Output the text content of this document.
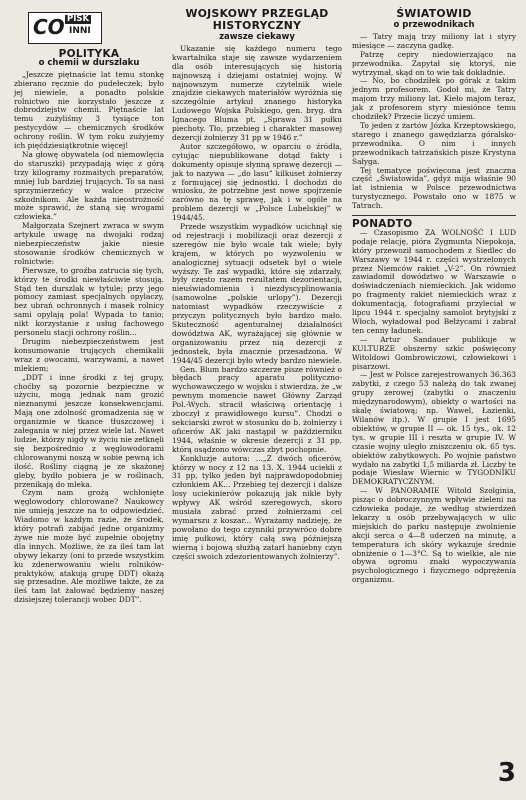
CO PISK
INNI
POLITYKA
o chemii w durszlaku

„Jeszcze piętnaście lat temu stonkę zbierano ręcznie do pudełeczek; było jej niewiele, a ponadto polskie rolnictwo nie korzystało jeszcze z dobrodziejstw chemii. Piętnaście lat temu zużyliśmy 3 tysiące ton pestycydów — chemicznych środków ochrony roślin. W tym roku zużyjemy ich pięćdziesiątkrotnie więcej!

Na głowę obywatela (od niemowlęcia do staruszki) przypadają więc z górą trzy kilogramy rozmaitych preparatów, mniej lub bardziej trujących. To sa nasi sprzymierzeńcy w walce przeciw szkodnikom. Ale każda nieostrożność może sprawić, że staną się wrogami człowieka.”

Małgorzata Szejnert zwraca w swym artykule uwagę na dwojaki rodzaj niebezpieczeństw jakie niesie stosowanie środków chemicznych w rolnictwie:

Pierwsze, to groźba zatrucia się tych, którzy te środki niewłaściwie stosują. Stąd ten durszlak w tytule; przy jego pomocy zamiast specjalnych opylaczy, bez ubrań ochronnych i masek rolnicy sami opylają pola! Wypada to tanio; nikt korzystanie z usług fachowego personelu stacji ochrony roślin...

Drugim niebezpieczeństwem jest konsumowanie trujących chemikalii wraz z owocami, warzywami, a nawet mlekiem;

„DDT i inne środki z tej grupy, choćby są pozornie bezpieczne w użyciu, mogą jednak nam grozić nieznanymi jeszcze konsekwencjami. Mają one zdolność gromadzenia się w organizmie w tkance tłuszczowej i załegania w niej przez wiele lat. Nawet ludzie, którzy nigdy w życiu nie zetknęli się bezpośrednio z węglowodorami chlorowanymi noszą w sobie pewną ich ilość. Rośliny ciągną je ze skażonej gleby, bydło pobiera je w roślinach, przenikają do mleka.

Czym nam grożą wchłonięte węglowodory chlorowane? Naukowcy nie umieją jeszcze na to odpowiedzieć. Wiadomo w każdym razie, że środek, który potrafi zabijać jedne organizmy żywe nie może być zupełnie obojętny dla innych. Możliwe, że za ileś tam lat obywy lekarzy (oni to przede wszystkim ku zdenerwowaniu wielu rolników-praktyków, atakują grupę DDT) okażą się przesadne. Ale możliwe także, że za ileś tam lat żałować będziemy naszej dzisiejszej tolerancji wobec DDT”.

WOJSKOWY PRZEGLĄD HISTORYCZNY
zawsze ciekawy

Ukazanie się każdego numeru tego kwartalnika staje się zawsze wydarzeniem dla osób interesujących się historią najnowszą i dziejami ostatniej wojny. W najnowszym numerze czytelnik wiele znajdzie ciekawych materiałów wyróżnia się szczególnie artykuł znanego historyka Ludowego Wojska Polskiego, gen. bryg. dra Ignacego Bluma pt. „Sprawa 31 pułku piechoty. Tło, przebieg i charakter masowej dezercji żołnierzy 31 pp w 1946 r.”

Autor szczegółowo, w oparciu o źródła, cytując niepublikowane dotąd fakty i dokumenty opisuje słynną sprawę dezercji — jak to nazywa — „do lasu” kilkuset żołnierzy z formującej się jednostki. I dochodzi do wniosku, że potrzebne jest nowe spojrzenie zarówno na tę sprawę, jak i w ogóle na problem dezercji w „Polsce Lubelskiej” w 1944/45.

Przede wszystkim wypadków ucichnął się od rejestracji i mobilizacji oraz dezercji z szeregów nie było wcale tak wiele; były krajem, w których po wyzwoleniu w analogicznej sytuacji odsetek był o wiele wyższy. Te zaś wypadki, które się zdarzały, były często razem rezultatem dezorientacji, nieuświadomienia i niezdyscyplinowania (samowolne „polskie urlopy”). Dezercji natomiast wypadków rzeczywiście z przyczyn politycznych było bardzo mało. Skuteczność agenturalnej działalności dowództwa AK, wyrażającej się głównie w organizowaniu przez nią dezercji z jednostek, była znacznie przesadzona. W 1944/45 dezercji było wtedy bardzo niewiele.

Gen. Blum bardzo szczerze pisze również o błędach pracy aparatu polityczno-wychowawczego w wojsku i stwierdza, że „w pewnym momencie nawet Główny Zarząd Pol.-Wych. stracił właściwą orientację i zboczył z prawidłowego kursu”. Chodzi o sekciarski zwrot w stosunku do b. żołnierzy i oficerów AK jaki nastąpił w październiku 1944, właśnie w okresie dezercji z 31 pp, którą osądzono wówczas zbyt pochopnie.

Konkluzje autora: ...„Z dwóch oficerów, którzy w nocy z 12 na 13. X. 1944 uciekli z 31 pp, tylko jeden był najprawdopodobniej członkiem AK... Przebieg tej dezercji i dalsze losy uciekinierów pokazują jak nikle były wpływy AK wśród szeregowych, skoro musiała zabrać przed żołnierzami cel wymarszu z koszar... Wyrażamy nadzieję, że powołano do tego czynniki przywróco dobre imię pułkowi, który całą swą późniejszą wierną i bojową służbą zatarł haniebny czyn części swoich zdezorientowanych żołnierzy”.

ŚWIATOWID
o przewodnikach

— Tatry mają trzy miliony lat i styry miesiące — zaczyna gadkę.

Patrzę cepry niedowierzająco na przewodnika. Zapytał się ktoryś, nie wytrzymał, skąd on to wie tak dokładnie.

— No, bo chodziłek po górak z takim jednym profesorem. Godoł mi, że Tatry majom trzy miliony lat. Kieło majom teraz, jak z profesorem styry miesiónce temu chodziłek? Przecie liczyć umiem.

To jeden z żartów Józka Krzeptowskiego, starego i znanego gawędziarza góralsko-przewodnika. O nim i innych przewodnikach tatrzańskich pisze Krystyna Sałyga.

Tej tematyce poświęcona jest znaczna część „Światowida”, gdyż mija właśnie 90 lat istnienia w Polsce przewodnictwa turystycznego. Powstało ono w 1875 w Tatrach.

PONADTO

— Czasopismo ZA WOLNOŚĆ I LUD podaje relację, pióra Zygmunta Niepokoja, który przewoził samochodem z Siedlec do Warszawy w 1944 r. części wystrzelonych przez Niemców rakiet „V-2”. On również zawiadomił dowództwo w Warszawie o doświadczeniach niemieckich. Jak widomo po fragmenty rakiet niemieckich wraz z dokumentacją, fotografiami przyleciał w lipcu 1944 r. specjalny samolot brytyjski z Włoch, wyładował pod Bełżycami i zabrał ten cenny ładunek.

— Artur Sandauer publikuje w KULTURZE obszerny szkic poświęcony Witoldowi Gombrowiczowi, człowiekowi i pisarzowi.

— Jest w Polsce zarejestrowanych 36.363 zabytki, z czego 53 należą do tak zwanej grupy zerowej (zabytki o znaczeniu międzynarodowym), obiekty o wartości na skalę światową; np. Wawel, Łazienki, Wilanów itp.). W grupie I jest 1695 obiektów, w grupie II — ok. 15 tys., ok. 12 tys. w grupie III i reszta w grupie IV. W czasie wojny uległo zniszczeniu ok. 65 tys. obiektów zabytkowych. Po wojnie państwo wydało na zabytki 1,5 miliarda zł. Liczby te podaje Wiesław Wiernic w TYGODNIKU DEMOKRATYCZNYM.

— W PANORAMIE Witold Szolginia, pisząc o dobroczynnym wpływie zieleni na człowieka podaje, że według stwierdzeń lekarzy u osób przebywających w ulic miejskich do parku następuje zwolnienie akcji serca o 4—8 uderzeń na minutę, a temperatura ich skóry wykazuje średnie obniżenie o 1—3°C. Są to wielkie, ale nie obywa ogromu znaki wypoczywania psychologicznego i fizycznego odprężenia organizmu.

3
